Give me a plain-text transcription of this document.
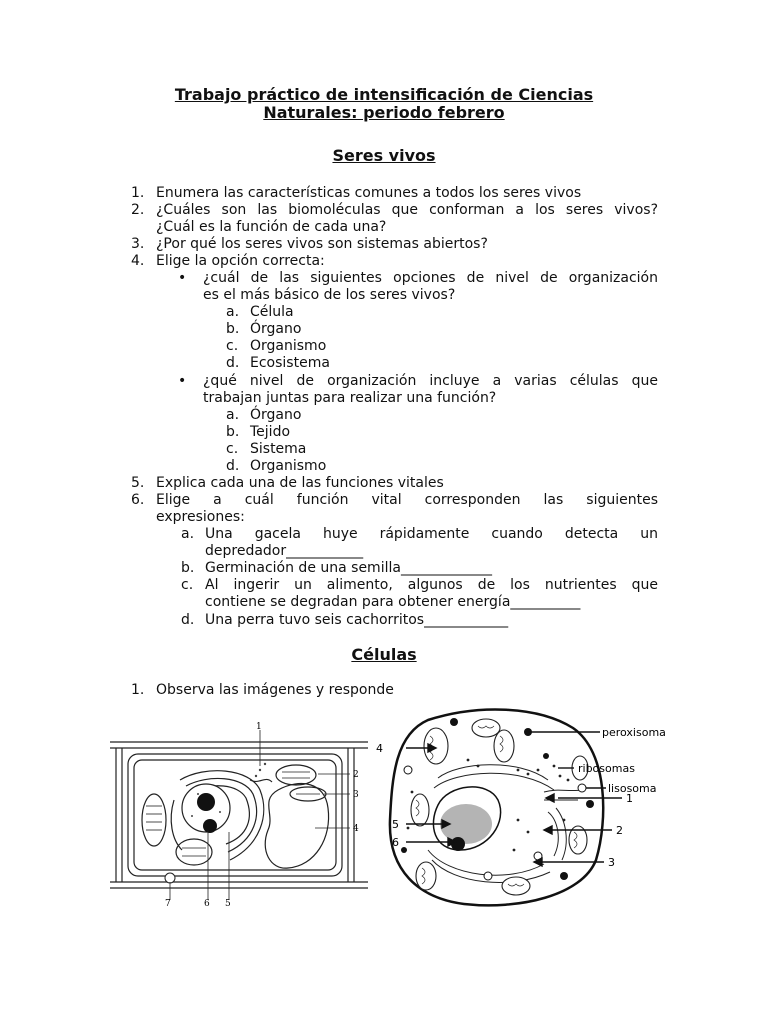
Trabajo práctico de intensificación de Ciencias
Naturales: periodo febrero
Seres vivos
1. Enumera las características comunes a todos los seres vivos
2. ¿Cuáles son las biomoléculas que conforman a los seres vivos?
¿Cuál es la función de cada una?
3. ¿Por qué los seres vivos son sistemas abiertos?
4. Elige la opción correcta:
• ¿cuál de las siguientes opciones de nivel de organización
es el más básico de los seres vivos?
a. Célula
b. Órgano
c. Organismo
d. Ecosistema
• ¿qué nivel de organización incluye a varias células que
trabajan juntas para realizar una función?
a. Órgano
b. Tejido
c. Sistema
d. Organismo
5. Explica cada una de las funciones vitales
6. Elige a cuál función vital corresponden las siguientes
expresiones:
a. Una gacela huye rápidamente cuando detecta un
depredador___________
b. Germinación de una semilla_____________
c. Al ingerir un alimento, algunos de los nutrientes que
contiene se degradan para obtener energía__________
d. Una perra tuvo seis cachorritos____________
Células
1. Observa las imágenes y responde
1
2
3
4
7	6 5
peroxisoma
ribosomas
lisosoma
1
2
3
4
5
6
